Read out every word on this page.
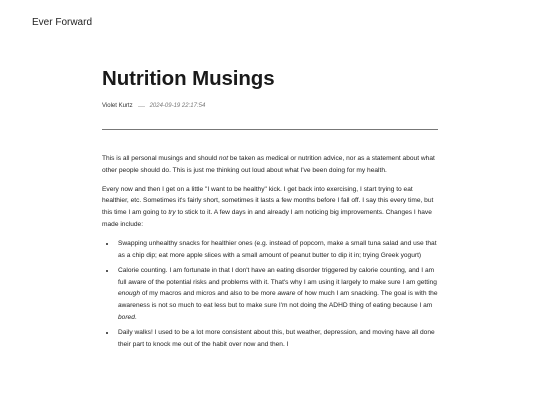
Ever Forward
Nutrition Musings
Violet Kurtz	2024-09-19 22:17:54

This is all personal musings and should not be taken as medical or nutrition advice, nor as a statement about what other people should do. This is just me thinking out loud about what I've been doing for my health.

Every now and then I get on a little "I want to be healthy" kick. I get back into exercising, I start trying to eat healthier, etc. Sometimes it's fairly short, sometimes it lasts a few months before I fall off. I say this every time, but this time I am going to try to stick to it. A few days in and already I am noticing big improvements. Changes I have made include:

• Swapping unhealthy snacks for healthier ones (e.g. instead of popcorn, make a small tuna salad and use that as a chip dip; eat more apple slices with a small amount of peanut butter to dip it in; trying Greek yogurt)
• Calorie counting. I am fortunate in that I don't have an eating disorder triggered by calorie counting, and I am full aware of the potential risks and problems with it. That's why I am using it largely to make sure I am getting enough of my macros and micros and also to be more aware of how much I am snacking. The goal is with the awareness is not so much to eat less but to make sure I'm not doing the ADHD thing of eating because I am bored.
• Daily walks! I used to be a lot more consistent about this, but weather, depression, and moving have all done their part to knock me out of the habit over now and then. I
